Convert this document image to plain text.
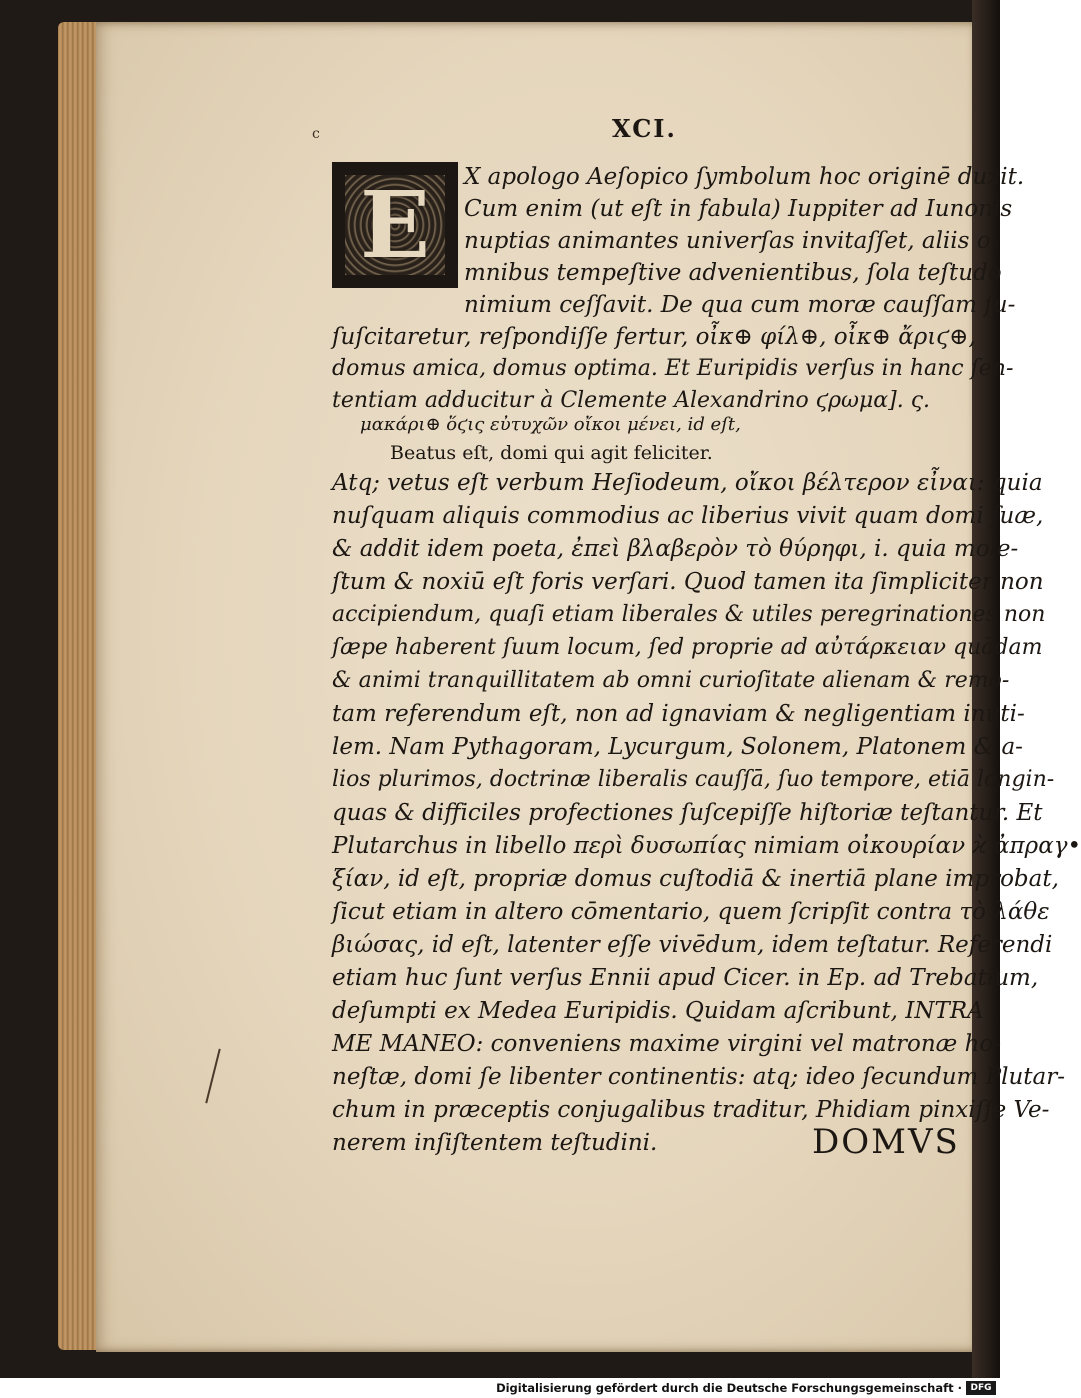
c	XCI.
E	X apologo Aeſopico ſymbolum hoc originē duxit.
Cum enim (ut eſt in fabula) Iuppiter ad Iunonis
nuptias animantes univerſas invitaſſet, aliis o-
mnibus tempeſtive advenientibus, ſola teſtudo
nimium ceſſavit. De qua cum moræ cauſſam ſu-
ſuſcitaretur, reſpondiſſe fertur, οἶκ⊕ φίλ⊕, οἶκ⊕ ἄριϛ⊕,
domus amica, domus optima. Et Euripidis verſus in hanc ſen-
tentiam adducitur à Clemente Alexandrino ϛρωμα]. ς.
μακάρι⊕ ὅϛις εὐτυχῶν οἴκοι μένει, id eſt,
Beatus eſt, domi qui agit feliciter.
Atq; vetus eſt verbum Heſiodeum, οἴκοι βέλτερον εἶναι: quia
nuſquam aliquis commodius ac liberius vivit quam domi ſuæ,
& addit idem poeta, ἐπεὶ βλαβερὸν τὸ θύρηφι, i. quia mole-
ſtum & noxiū eſt foris verſari. Quod tamen ita ſimpliciter non
accipiendum, quaſi etiam liberales & utiles peregrinationes non
ſæpe haberent ſuum locum, ſed proprie ad αὐτάρκειαν quādam
& animi tranquillitatem ab omni curioſitate alienam & remo-
tam referendum eſt, non ad ignaviam & negligentiam inuti-
lem. Nam Pythagoram, Lycurgum, Solonem, Platonem & a-
lios plurimos, doctrinæ liberalis cauſſā, ſuo tempore, etiā longin-
quas & difficiles profectiones ſuſcepiſſe hiſtoriæ teſtantur. Et
Plutarchus in libello περὶ δυσωπίας nimiam οἰκουρίαν ϰ̀ ἀπραγ•
ξίαν, id eſt, propriæ domus cuſtodiā & inertiā plane improbat,
ſicut etiam in altero cōmentario, quem ſcripſit contra τὸ λάθε
βιώσας, id eſt, latenter eſſe vivēdum, idem teſtatur. Referendi
etiam huc ſunt verſus Ennii apud Cicer. in Ep. ad Trebatium,
deſumpti ex Medea Euripidis. Quidam aſcribunt, INTRA
ME MANEO: conveniens maxime virgini vel matronæ ho-
neſtæ, domi ſe libenter continentis: atq; ideo ſecundum Plutar-
chum in præceptis conjugalibus traditur, Phidiam pinxiſſe Ve-
nerem inſiſtentem teſtudini.	DOMVS
Digitalisierung gefördert durch die Deutsche Forschungsgemeinschaft · DFG
